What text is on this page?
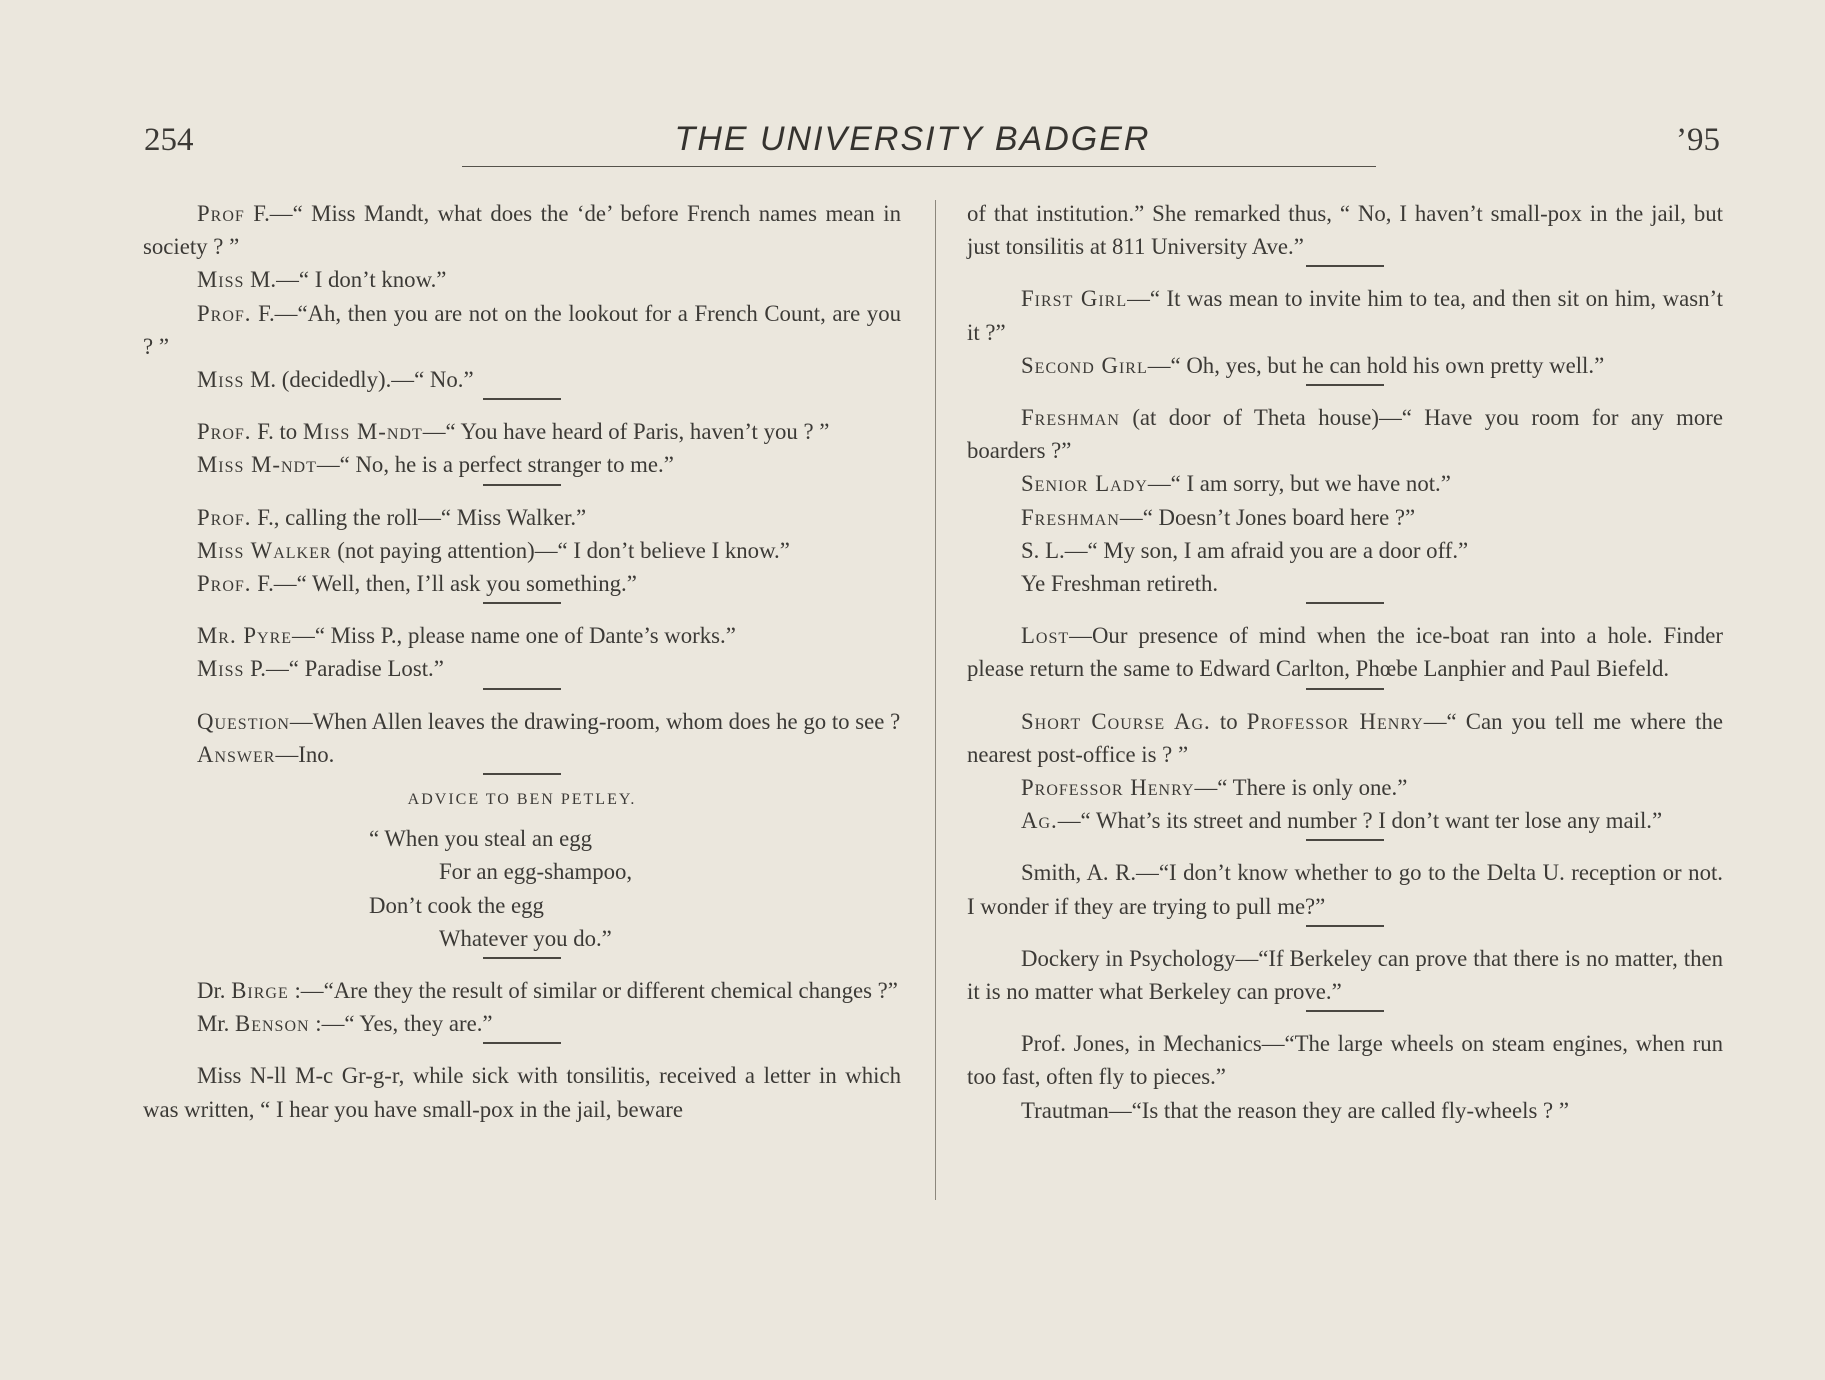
254	THE UNIVERSITY BADGER	’95

Prof F.—“ Miss Mandt, what does the ‘de’ before French names mean in society ? ”

Miss M.—“ I don’t know.”

Prof. F.—“Ah, then you are not on the lookout for a French Count, are you ? ”

Miss M. (decidedly).—“ No.”

Prof. F. to Miss M-ndt—“ You have heard of Paris, haven’t you ? ”

Miss M-ndt—“ No, he is a perfect stranger to me.”

Prof. F., calling the roll—“ Miss Walker.”

Miss Walker (not paying attention)—“ I don’t believe I know.”

Prof. F.—“ Well, then, I’ll ask you something.”

Mr. Pyre—“ Miss P., please name one of Dante’s works.”

Miss P.—“ Paradise Lost.”

Question—When Allen leaves the drawing-room, whom does he go to see ?

Answer—Ino.

ADVICE TO BEN PETLEY.
“ When you steal an egg
For an egg-shampoo,
Don’t cook the egg
Whatever you do.”

Dr. Birge :—“Are they the result of similar or different chemical changes ?”

Mr. Benson :—“ Yes, they are.”

Miss N-ll M-c Gr-g-r, while sick with tonsilitis, received a letter in which was written, “ I hear you have small-pox in the jail, beware

of that institution.” She remarked thus, “ No, I haven’t small-pox in the jail, but just tonsilitis at 811 University Ave.”

First Girl—“ It was mean to invite him to tea, and then sit on him, wasn’t it ?”

Second Girl—“ Oh, yes, but he can hold his own pretty well.”

Freshman (at door of Theta house)—“ Have you room for any more boarders ?”

Senior Lady—“ I am sorry, but we have not.”

Freshman—“ Doesn’t Jones board here ?”

S. L.—“ My son, I am afraid you are a door off.”

Ye Freshman retireth.

Lost—Our presence of mind when the ice-boat ran into a hole. Finder please return the same to Edward Carlton, Phœbe Lanphier and Paul Biefeld.

Short Course Ag. to Professor Henry—“ Can you tell me where the nearest post-office is ? ”

Professor Henry—“ There is only one.”

Ag.—“ What’s its street and number ? I don’t want ter lose any mail.”

Smith, A. R.—“I don’t know whether to go to the Delta U. reception or not. I wonder if they are trying to pull me?”

Dockery in Psychology—“If Berkeley can prove that there is no matter, then it is no matter what Berkeley can prove.”

Prof. Jones, in Mechanics—“The large wheels on steam engines, when run too fast, often fly to pieces.”

Trautman—“Is that the reason they are called fly-wheels ? ”
